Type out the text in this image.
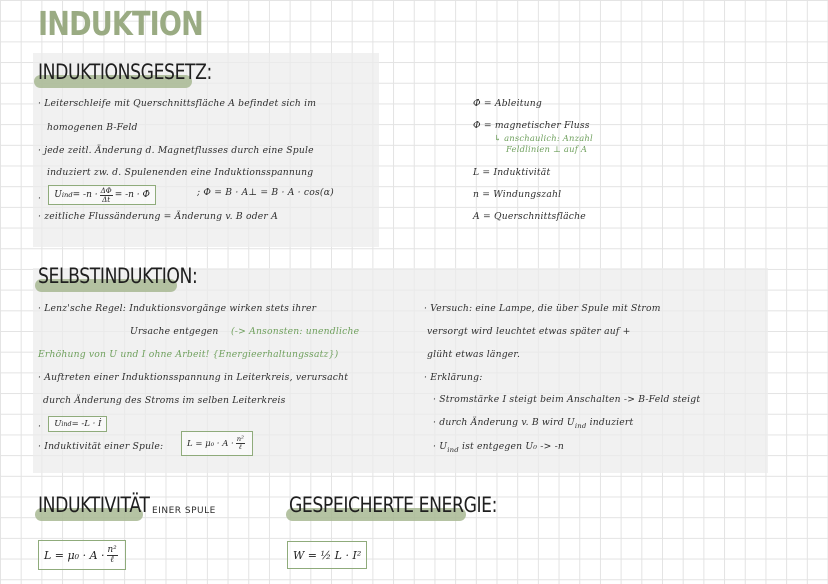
INDUKTION
INDUKTIONSGESETZ:
· Leiterschleife mit Querschnittsfläche A befindet sich im
homogenen B-Feld
· jede zeitl. Änderung d. Magnetflusses durch eine Spule
induziert zw. d. Spulenenden eine Induktionsspannung
$_\cdot$ U ind = $-n \cdot \frac{\Delta\Phi}{\Delta t} = -n$ · Φ̇	; Φ = B · A⊥ = B · A · cos(α)
· zeitliche Flussänderung = Änderung v. B oder A
Φ̇ = Ableitung
Φ = magnetischer Fluss
↳ anschaulich: Anzahl
Feldlinien ⊥ auf A
L = Induktivität
n = Windungszahl
A = Querschnittsfläche
SELBSTINDUKTION:
· Lenz'sche Regel: Induktionsvorgänge wirken stets ihrer
Ursache entgegen (-> Ansonsten: unendliche
Erhöhung von U und I ohne Arbeit! {Energieerhaltungssatz})
· Auftreten einer Induktionsspannung in Leiterkreis, verursacht
durch Änderung des Stroms im selben Leiterkreis
· U ind = -L · İ
· Induktivität einer Spule:	$L = \mu_0 \cdot A \cdot \frac{\text{n²}}{\text{ℓ}}$
· Versuch: eine Lampe, die über Spule mit Strom
versorgt wird leuchtet etwas später auf +
glüht etwas länger.
· Erklärung:
· Stromstärke I steigt beim Anschalten -> B-Feld steigt
· durch Änderung v. B wird $U_{ind}$ induziert
· $U_{ind}$ ist entgegen U₀ -> -n
INDUKTIVITÄT EINER SPULE
$L = \mu_0 \cdot A \cdot \frac{\text{n²}}{\text{ℓ}}$
GESPEICHERTE ENERGIE:
W = ½ L · I²
